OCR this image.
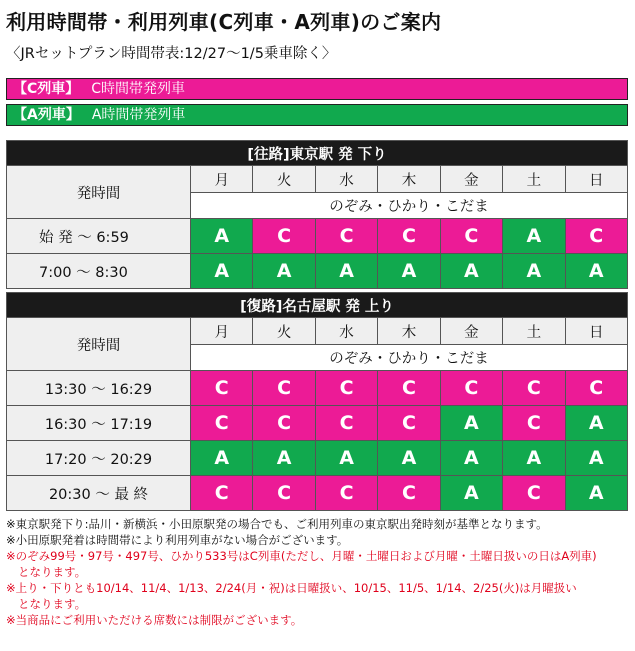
利用時間帯・利用列車(C列車・A列車)のご案内
〈JRセットプラン時間帯表:12/27〜1/5乗車除く〉
【C列車】 C時間帯発列車
【A列車】 A時間帯発列車
[往路]東京駅 発 下り							
発時間	月	火	水	木	金	土	日
	のぞみ・ひかり・こだま						
始 発 〜 6:59	A	C	C	C	C	A	C
7:00 〜 8:30	A	A	A	A	A	A	A
[復路]名古屋駅 発 上り							
発時間	月	火	水	木	金	土	日
	のぞみ・ひかり・こだま						
13:30 〜 16:29	C	C	C	C	C	C	C
16:30 〜 17:19	C	C	C	C	A	C	A
17:20 〜 20:29	A	A	A	A	A	A	A
20:30 〜 最 終	C	C	C	C	A	C	A
※東京駅発下り:品川・新横浜・小田原駅発の場合でも、ご利用列車の東京駅出発時刻が基準となります。
※小田原駅発着は時間帯により利用列車がない場合がございます。
※のぞみ99号・97号・497号、ひかり533号はC列車(ただし、月曜・土曜日および月曜・土曜日扱いの日はA列車)
となります。
※上り・下りとも10/14、11/4、1/13、2/24(月・祝)は日曜扱い、10/15、11/5、1/14、2/25(火)は月曜扱い
となります。
※当商品にご利用いただける席数には制限がございます。
